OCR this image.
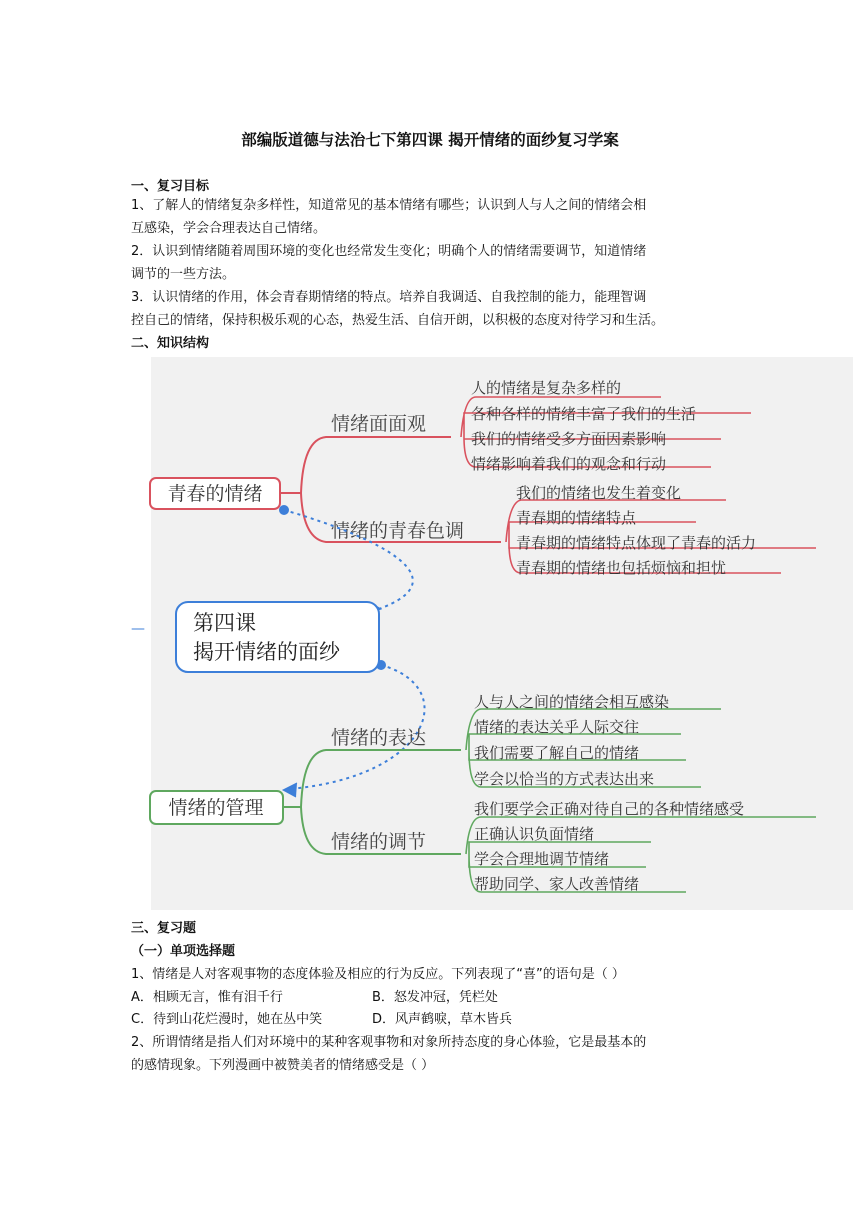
部编版道德与法治七下第四课 揭开情绪的面纱复习学案
一、复习目标
1、了解人的情绪复杂多样性，知道常见的基本情绪有哪些；认识到人与人之间的情绪会相
互感染，学会合理表达自己情绪。
2．认识到情绪随着周围环境的变化也经常发生变化；明确个人的情绪需要调节，知道情绪
调节的一些方法。
3．认识情绪的作用，体会青春期情绪的特点。培养自我调适、自我控制的能力，能理智调
控自己的情绪，保持积极乐观的心态，热爱生活、自信开朗，以积极的态度对待学习和生活。
二、知识结构
青春的情绪
情绪面面观
情绪的青春色调
人的情绪是复杂多样的
各种各样的情绪丰富了我们的生活
我们的情绪受多方面因素影响
情绪影响着我们的观念和行动
我们的情绪也发生着变化
青春期的情绪特点
青春期的情绪特点体现了青春的活力
青春期的情绪也包括烦恼和担忧
第四课
揭开情绪的面纱
—
情绪的管理
情绪的表达
情绪的调节
人与人之间的情绪会相互感染
情绪的表达关乎人际交往
我们需要了解自己的情绪
学会以恰当的方式表达出来
我们要学会正确对待自己的各种情绪感受
正确认识负面情绪
学会合理地调节情绪
帮助同学、家人改善情绪
三、复习题
（一）单项选择题
1、情绪是人对客观事物的态度体验及相应的行为反应。下列表现了“喜”的语句是（ ）
A．相顾无言，惟有泪千行	B．怒发冲冠，凭栏处
C．待到山花烂漫时，她在丛中笑	D．风声鹤唳，草木皆兵
2、所谓情绪是指人们对环境中的某种客观事物和对象所持态度的身心体验，它是最基本的
的感情现象。下列漫画中被赞美者的情绪感受是（ ）
